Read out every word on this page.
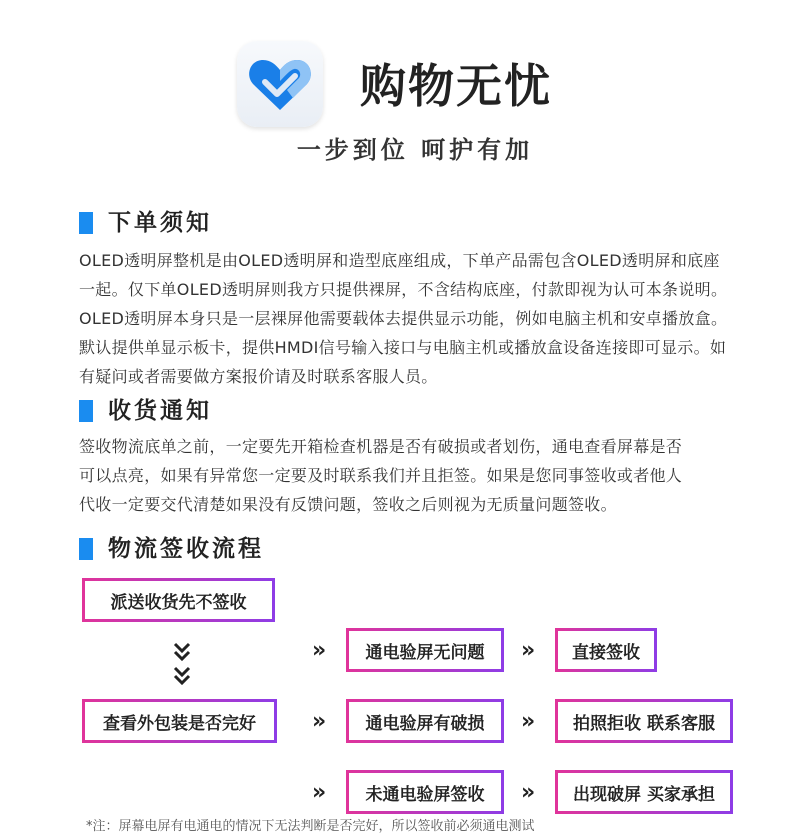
购物无忧

一步到位 呵护有加

下单须知

OLED透明屏整机是由OLED透明屏和造型底座组成，下单产品需包含OLED透明屏和底座
一起。仅下单OLED透明屏则我方只提供裸屏，不含结构底座，付款即视为认可本条说明。
OLED透明屏本身只是一层裸屏他需要载体去提供显示功能，例如电脑主机和安卓播放盒。
默认提供单显示板卡，提供HMDI信号输入接口与电脑主机或播放盒设备连接即可显示。如
有疑问或者需要做方案报价请及时联系客服人员。

收货通知

签收物流底单之前，一定要先开箱检查机器是否有破损或者划伤，通电查看屏幕是否
可以点亮，如果有异常您一定要及时联系我们并且拒签。如果是您同事签收或者他人
代收一定要交代清楚如果没有反馈问题，签收之后则视为无质量问题签收。

物流签收流程
派送收货先不签收
»	通电验屏无问题	»	直接签收
查看外包装是否完好	»	通电验屏有破损	»	拍照拒收 联系客服
»	未通电验屏签收	»	出现破屏 买家承担

*注：屏幕电屏有电通电的情况下无法判断是否完好，所以签收前必须通电测试
